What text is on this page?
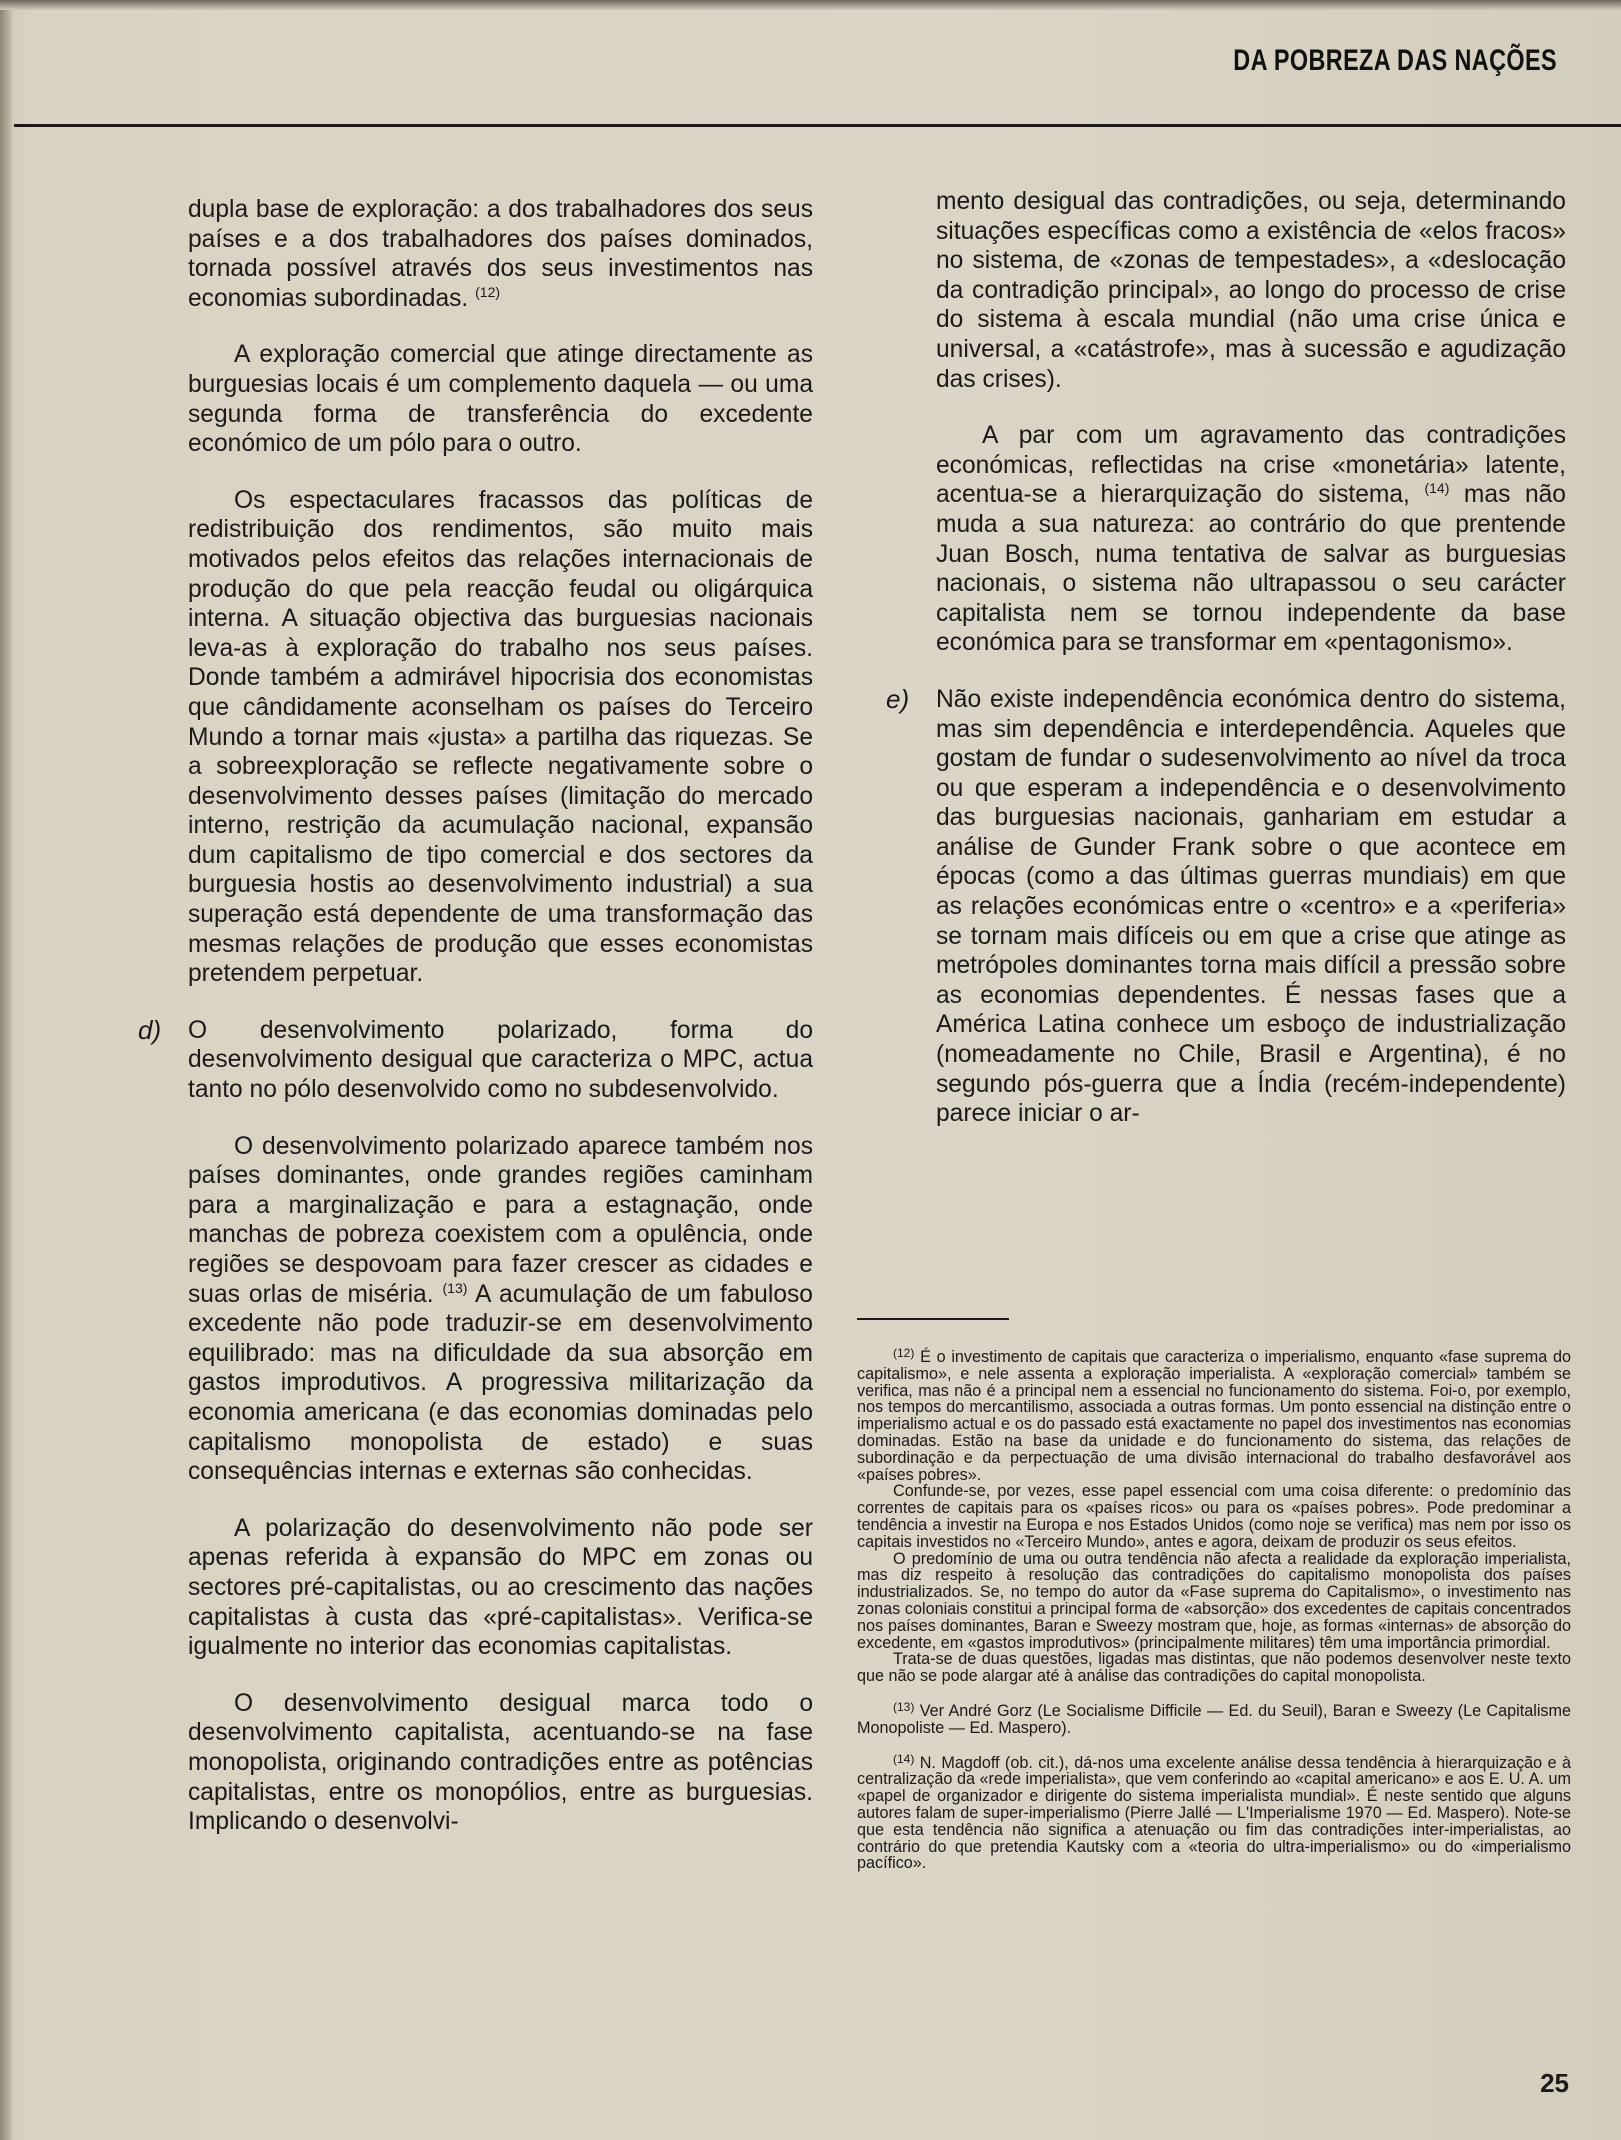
DA POBREZA DAS NAÇÕES

dupla base de exploração: a dos trabalhadores dos seus países e a dos trabalhadores dos países dominados, tornada possível através dos seus investimentos nas economias subordinadas. $^{(12)}$

A exploração comercial que atinge directamente as burguesias locais é um complemento daquela — ou uma segunda forma de transferência do excedente económico de um pólo para o outro.

Os espectaculares fracassos das políticas de redistribuição dos rendimentos, são muito mais motivados pelos efeitos das relações internacionais de produção do que pela reacção feudal ou oligárquica interna. A situação objectiva das burguesias nacionais leva-as à exploração do trabalho nos seus países. Donde também a admirável hipocrisia dos economistas que cândidamente aconselham os países do Terceiro Mundo a tornar mais «justa» a partilha das riquezas. Se a sobreexploração se reflecte negativamente sobre o desenvolvimento desses países (limitação do mercado interno, restrição da acumulação nacional, expansão dum capitalismo de tipo comercial e dos sectores da burguesia hostis ao desenvolvimento industrial) a sua superação está dependente de uma transformação das mesmas relações de produção que esses economistas pretendem perpetuar.

d) O desenvolvimento polarizado, forma do desenvolvimento desigual que caracteriza o MPC, actua tanto no pólo desenvolvido como no subdesenvolvido.

O desenvolvimento polarizado aparece também nos países dominantes, onde grandes regiões caminham para a marginalização e para a estagnação, onde manchas de pobreza coexistem com a opulência, onde regiões se despovoam para fazer crescer as cidades e suas orlas de miséria. $^{(13)}$ A acumulação de um fabuloso excedente não pode traduzir-se em desenvolvimento equilibrado: mas na dificuldade da sua absorção em gastos improdutivos. A progressiva militarização da economia americana (e das economias dominadas pelo capitalismo monopolista de estado) e suas consequências internas e externas são conhecidas.

A polarização do desenvolvimento não pode ser apenas referida à expansão do MPC em zonas ou sectores pré-capitalistas, ou ao crescimento das nações capitalistas à custa das «pré-capitalistas». Verifica-se igualmente no interior das economias capitalistas.

O desenvolvimento desigual marca todo o desenvolvimento capitalista, acentuando-se na fase monopolista, originando contradições entre as potências capitalistas, entre os monopólios, entre as burguesias. Implicando o desenvolvi-

mento desigual das contradições, ou seja, determinando situações específicas como a existência de «elos fracos» no sistema, de «zonas de tempestades», a «deslocação da contradição principal», ao longo do processo de crise do sistema à escala mundial (não uma crise única e universal, a «catástrofe», mas à sucessão e agudização das crises).

A par com um agravamento das contradições económicas, reflectidas na crise «monetária» latente, acentua-se a hierarquização do sistema, $^{(14)}$ mas não muda a sua natureza: ao contrário do que prentende Juan Bosch, numa tentativa de salvar as burguesias nacionais, o sistema não ultrapassou o seu carácter capitalista nem se tornou independente da base económica para se transformar em «pentagonismo».

e) Não existe independência económica dentro do sistema, mas sim dependência e interdependência. Aqueles que gostam de fundar o sudesenvolvimento ao nível da troca ou que esperam a independência e o desenvolvimento das burguesias nacionais, ganhariam em estudar a análise de Gunder Frank sobre o que acontece em épocas (como a das últimas guerras mundiais) em que as relações económicas entre o «centro» e a «periferia» se tornam mais difíceis ou em que a crise que atinge as metrópoles dominantes torna mais difícil a pressão sobre as economias dependentes. É nessas fases que a América Latina conhece um esboço de industrialização (nomeadamente no Chile, Brasil e Argentina), é no segundo pós-guerra que a Índia (recém-independente) parece iniciar o ar-

$^{(12)}$ É o investimento de capitais que caracteriza o imperialismo, enquanto «fase suprema do capitalismo», e nele assenta a exploração imperialista. A «exploração comercial» também se verifica, mas não é a principal nem a essencial no funcionamento do sistema. Foi-o, por exemplo, nos tempos do mercantilismo, associada a outras formas. Um ponto essencial na distinção entre o imperialismo actual e os do passado está exactamente no papel dos investimentos nas economias dominadas. Estão na base da unidade e do funcionamento do sistema, das relações de subordinação e da perpectuação de uma divisão internacional do trabalho desfavorável aos «países pobres».

Confunde-se, por vezes, esse papel essencial com uma coisa diferente: o predomínio das correntes de capitais para os «países ricos» ou para os «países pobres». Pode predominar a tendência a investir na Europa e nos Estados Unidos (como noje se verifica) mas nem por isso os capitais investidos no «Terceiro Mundo», antes e agora, deixam de produzir os seus efeitos.

O predomínio de uma ou outra tendência não afecta a realidade da exploração imperialista, mas diz respeito à resolução das contradições do capitalismo monopolista dos países industrializados. Se, no tempo do autor da «Fase suprema do Capitalismo», o investimento nas zonas coloniais constitui a principal forma de «absorção» dos excedentes de capitais concentrados nos países dominantes, Baran e Sweezy mostram que, hoje, as formas «internas» de absorção do excedente, em «gastos improdutivos» (principalmente militares) têm uma importância primordial.

Trata-se de duas questões, ligadas mas distintas, que não podemos desenvolver neste texto que não se pode alargar até à análise das contradições do capital monopolista.

$^{(13)}$ Ver André Gorz (Le Socialisme Difficile — Ed. du Seuil), Baran e Sweezy (Le Capitalisme Monopoliste — Ed. Maspero).

$^{(14)}$ N. Magdoff (ob. cit.), dá-nos uma excelente análise dessa tendência à hierarquização e à centralização da «rede imperialista», que vem conferindo ao «capital americano» e aos E. U. A. um «papel de organizador e dirigente do sistema imperialista mundial». É neste sentido que alguns autores falam de super-imperialismo (Pierre Jallé — L'Imperialisme 1970 — Ed. Maspero). Note-se que esta tendência não significa a atenuação ou fim das contradições inter-imperialistas, ao contrário do que pretendia Kautsky com a «teoria do ultra-imperialismo» ou do «imperialismo pacífico».

25
